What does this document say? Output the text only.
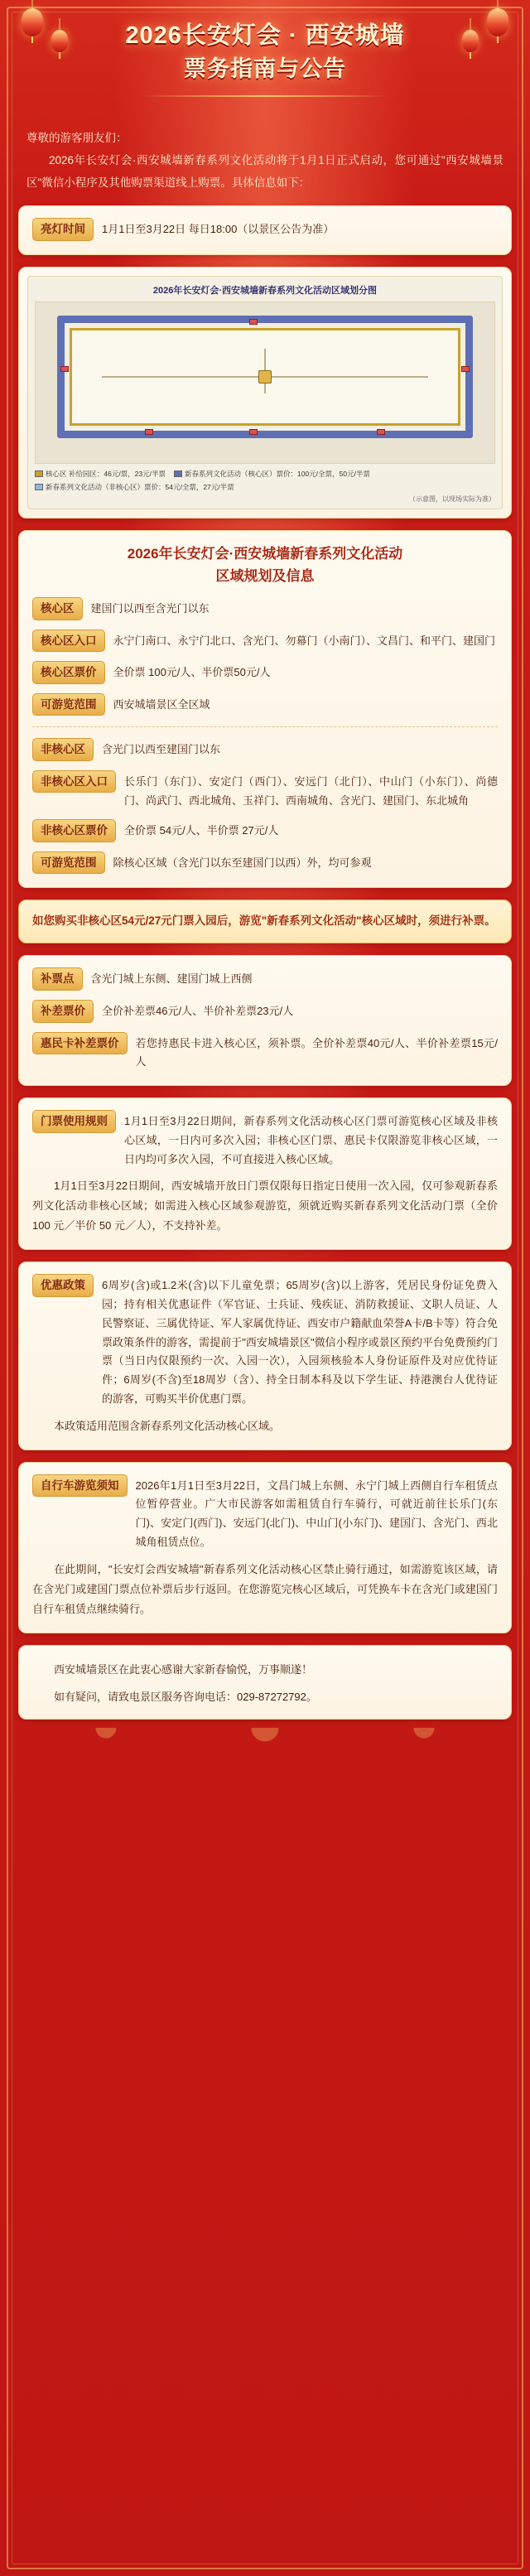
2026长安灯会 · 西安城墙
票务指南与公告

尊敬的游客朋友们：

2026年长安灯会·西安城墙新春系列文化活动将于1月1日正式启动，您可通过"西安城墙景区"微信小程序及其他购票渠道线上购票。具体信息如下：

亮灯时间	1月1日至3月22日 每日18:00（以景区公告为准）
2026年长安灯会·西安城墙新春系列文化活动区域划分图
核心区 补给园区：46元/票，23元/半票	新春系列文化活动（核心区）票价：100元/全票，50元/半票
新春系列文化活动（非核心区）票价：54元/全票，27元/半票
（示意图，以现场实际为准）
2026年长安灯会·西安城墙新春系列文化活动
区域规划及信息
核心区	建国门以西至含光门以东
核心区入口	永宁门南口、永宁门北口、含光门、勿幕门（小南门）、文昌门、和平门、建国门
核心区票价	全价票 100元/人、半价票50元/人
可游览范围	西安城墙景区全区域
非核心区	含光门以西至建国门以东
非核心区入口	长乐门（东门）、安定门（西门）、安远门（北门）、中山门（小东门）、尚德门、尚武门、西北城角、玉祥门、西南城角、含光门、建国门、东北城角
非核心区票价	全价票 54元/人、半价票 27元/人
可游览范围	除核心区域（含光门以东至建国门以西）外，均可参观
如您购买非核心区54元/27元门票入园后，游览"新春系列文化活动"核心区域时，须进行补票。
补票点	含光门城上东侧、建国门城上西侧
补差票价	全价补差票46元/人、半价补差票23元/人
惠民卡补差票价	若您持惠民卡进入核心区，须补票。全价补差票40元/人、半价补差票15元/人
门票使用规则	1月1日至3月22日期间，新春系列文化活动核心区门票可游览核心区域及非核心区域，一日内可多次入园；非核心区门票、惠民卡仅限游览非核心区域，一日内均可多次入园，不可直接进入核心区域。

1月1日至3月22日期间，西安城墙开放日门票仅限每日指定日使用一次入园，仅可参观新春系列文化活动非核心区域；如需进入核心区域参观游览，须就近购买新春系列文化活动门票（全价 100 元／半价 50 元／人），不支持补差。

优惠政策	6周岁(含)或1.2米(含)以下儿童免票；65周岁(含)以上游客，凭居民身份证免费入园；持有相关优惠证件（军官证、士兵证、残疾证、消防救援证、文职人员证、人民警察证、三属优待证、军人家属优待证、西安市户籍献血荣誉A卡/B卡等）符合免票政策条件的游客，需提前于"西安城墙景区"微信小程序或景区预约平台免费预约门票（当日内仅限预约一次、入园一次），入园须核验本人身份证原件及对应优待证件；6周岁(不含)至18周岁（含）、持全日制本科及以下学生证、持港澳台人优待证的游客，可购买半价优惠门票。

本政策适用范围含新春系列文化活动核心区域。

自行车游览须知	2026年1月1日至3月22日，文昌门城上东侧、永宁门城上西侧自行车租赁点位暂停营业。广大市民游客如需租赁自行车骑行，可就近前往长乐门(东门)、安定门(西门)、安远门(北门)、中山门(小东门)、建国门、含光门、西北城角租赁点位。

在此期间，"长安灯会西安城墙"新春系列文化活动核心区禁止骑行通过，如需游览该区域，请在含光门或建国门票点位补票后步行返回。在您游览完核心区域后，可凭换车卡在含光门或建国门自行车租赁点继续骑行。

西安城墙景区在此衷心感谢大家新春愉悦，万事顺遂！

如有疑问，请致电景区服务咨询电话：029-87272792。
